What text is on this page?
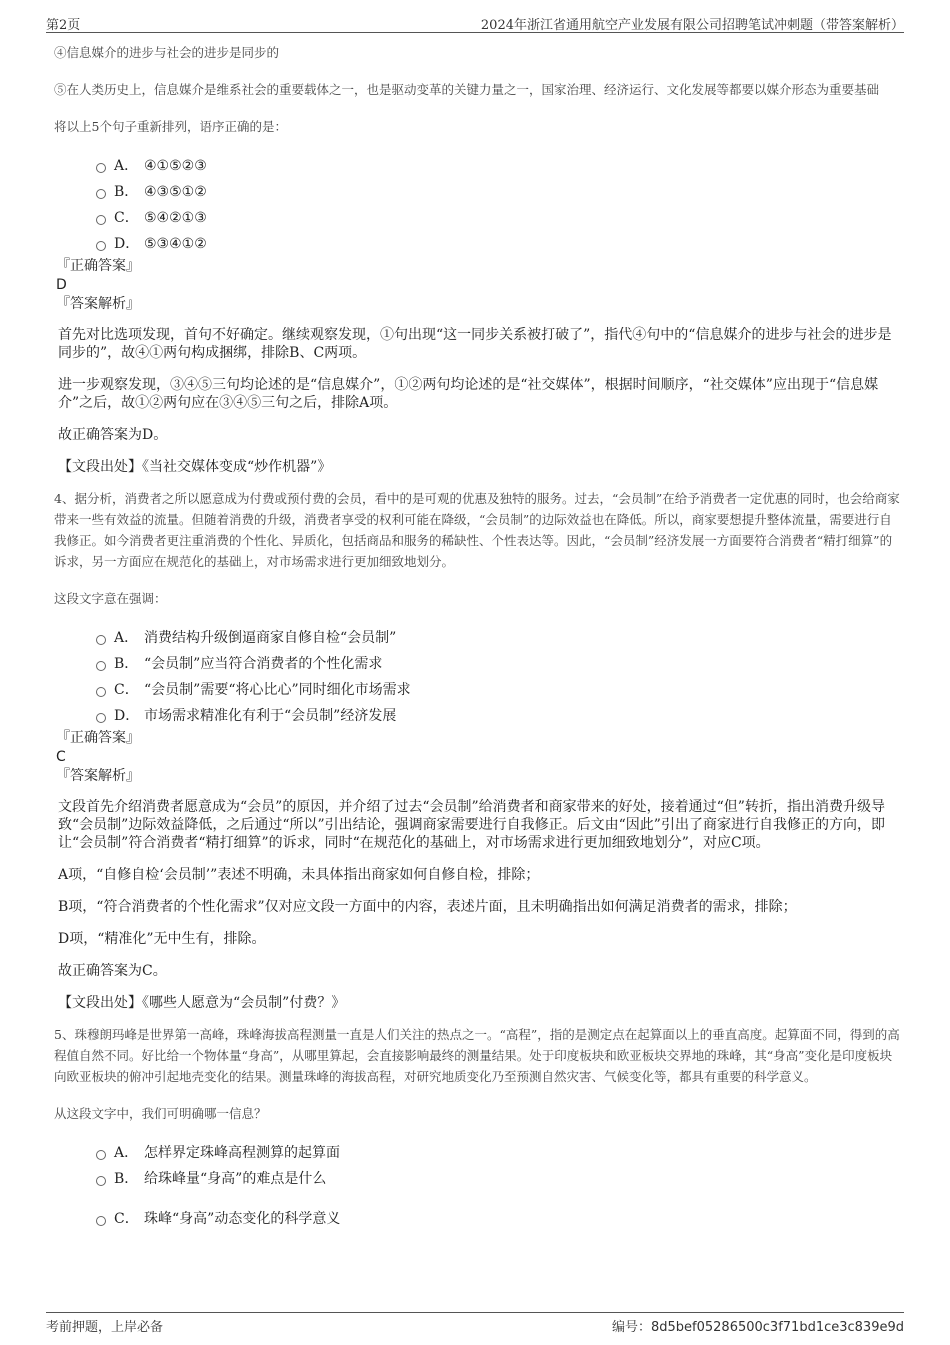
第2页	2024年浙江省通用航空产业发展有限公司招聘笔试冲刺题（带答案解析）

④信息媒介的进步与社会的进步是同步的

⑤在人类历史上，信息媒介是维系社会的重要载体之一，也是驱动变革的关键力量之一，国家治理、经济运行、文化发展等都要以媒介形态为重要基础

将以上5个句子重新排列，语序正确的是：

A． ④①⑤②③
B． ④③⑤①②
C． ⑤④②①③
D． ⑤③④①②

『正确答案』

D

『答案解析』

首先对比选项发现，首句不好确定。继续观察发现，①句出现“这一同步关系被打破了”，指代④句中的“信息媒介的进步与社会的进步是同步的”，故④①两句构成捆绑，排除B、C两项。

进一步观察发现，③④⑤三句均论述的是“信息媒介”，①②两句均论述的是“社交媒体”，根据时间顺序，“社交媒体”应出现于“信息媒介”之后，故①②两句应在③④⑤三句之后，排除A项。

故正确答案为D。

【文段出处】《当社交媒体变成“炒作机器”》

4、据分析，消费者之所以愿意成为付费或预付费的会员，看中的是可观的优惠及独特的服务。过去，“会员制”在给予消费者一定优惠的同时，也会给商家带来一些有效益的流量。但随着消费的升级，消费者享受的权利可能在降级，“会员制”的边际效益也在降低。所以，商家要想提升整体流量，需要进行自我修正。如今消费者更注重消费的个性化、异质化，包括商品和服务的稀缺性、个性表达等。因此，“会员制”经济发展一方面要符合消费者“精打细算”的诉求，另一方面应在规范化的基础上，对市场需求进行更加细致地划分。

这段文字意在强调：

A． 消费结构升级倒逼商家自修自检“会员制”
B． “会员制”应当符合消费者的个性化需求
C． “会员制”需要“将心比心”同时细化市场需求
D． 市场需求精准化有利于“会员制”经济发展

『正确答案』

C

『答案解析』

文段首先介绍消费者愿意成为“会员”的原因，并介绍了过去“会员制”给消费者和商家带来的好处，接着通过“但”转折，指出消费升级导致“会员制”边际效益降低，之后通过“所以”引出结论，强调商家需要进行自我修正。后文由“因此”引出了商家进行自我修正的方向，即让“会员制”符合消费者“精打细算”的诉求，同时“在规范化的基础上，对市场需求进行更加细致地划分”，对应C项。

A项，“自修自检‘会员制’”表述不明确，未具体指出商家如何自修自检，排除；

B项，“符合消费者的个性化需求”仅对应文段一方面中的内容，表述片面，且未明确指出如何满足消费者的需求，排除；

D项，“精准化”无中生有，排除。

故正确答案为C。

【文段出处】《哪些人愿意为“会员制”付费？》

5、珠穆朗玛峰是世界第一高峰，珠峰海拔高程测量一直是人们关注的热点之一。“高程”，指的是测定点在起算面以上的垂直高度。起算面不同，得到的高程值自然不同。好比给一个物体量“身高”，从哪里算起，会直接影响最终的测量结果。处于印度板块和欧亚板块交界地的珠峰，其“身高”变化是印度板块向欧亚板块的俯冲引起地壳变化的结果。测量珠峰的海拔高程，对研究地质变化乃至预测自然灾害、气候变化等，都具有重要的科学意义。

从这段文字中，我们可明确哪一信息？

A． 怎样界定珠峰高程测算的起算面
B． 给珠峰量“身高”的难点是什么
C． 珠峰“身高”动态变化的科学意义
考前押题，上岸必备	编号：8d5bef05286500c3f71bd1ce3c839e9d
